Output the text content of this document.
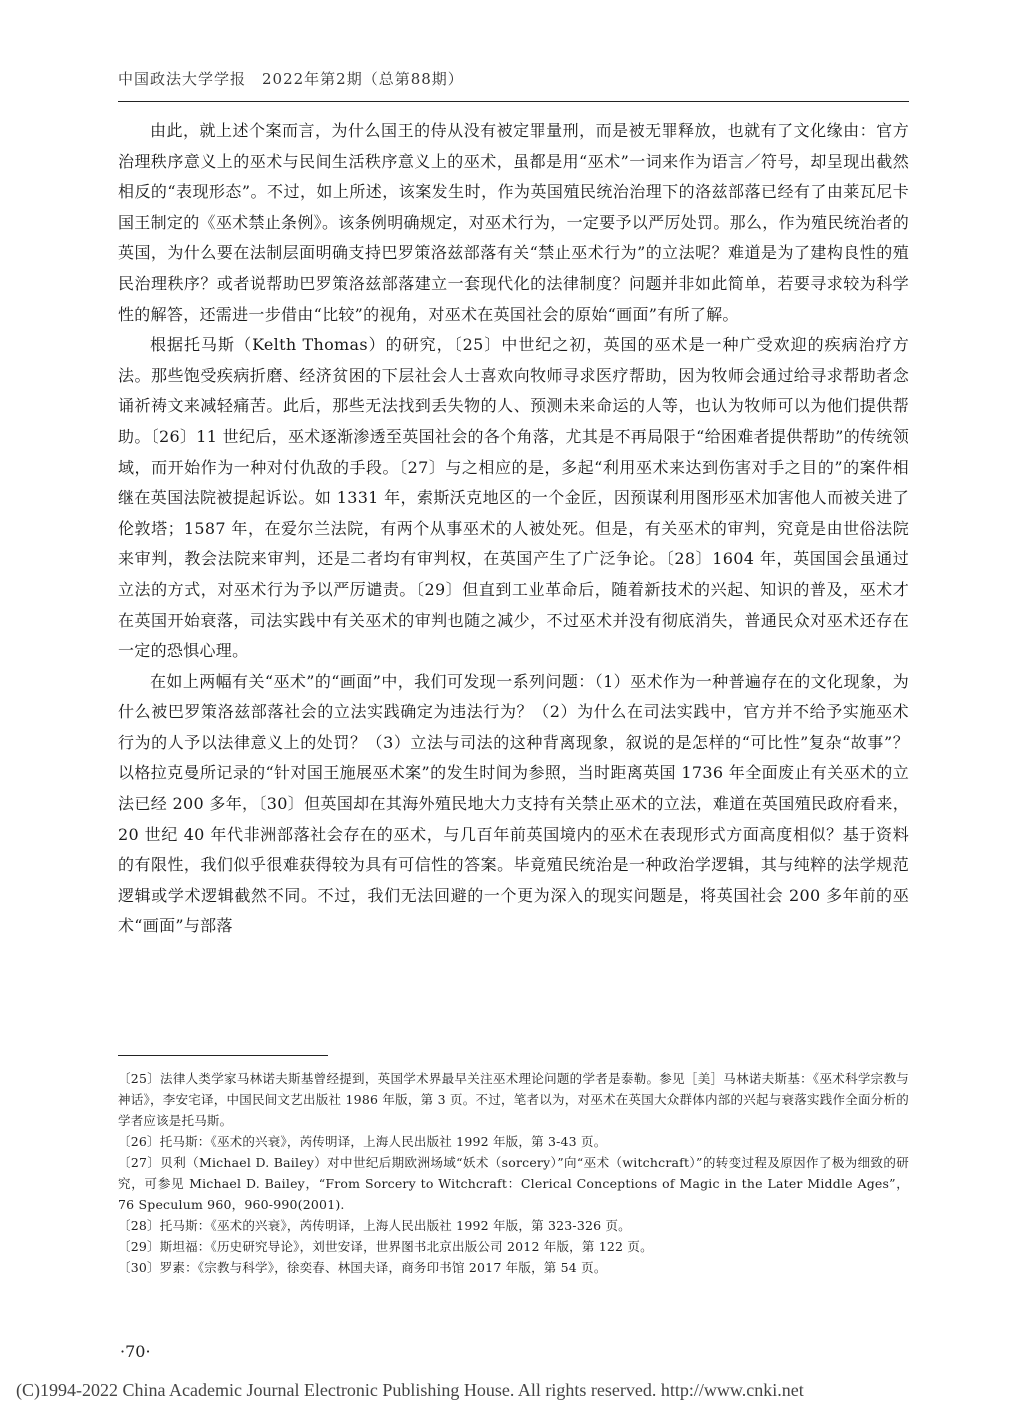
中国政法大学学报　2022年第2期（总第88期）

由此，就上述个案而言，为什么国王的侍从没有被定罪量刑，而是被无罪释放，也就有了文化缘由：官方治理秩序意义上的巫术与民间生活秩序意义上的巫术，虽都是用“巫术”一词来作为语言／符号，却呈现出截然相反的“表现形态”。不过，如上所述，该案发生时，作为英国殖民统治治理下的洛兹部落已经有了由莱瓦尼卡国王制定的《巫术禁止条例》。该条例明确规定，对巫术行为，一定要予以严厉处罚。那么，作为殖民统治者的英国，为什么要在法制层面明确支持巴罗策洛兹部落有关“禁止巫术行为”的立法呢？难道是为了建构良性的殖民治理秩序？或者说帮助巴罗策洛兹部落建立一套现代化的法律制度？问题并非如此简单，若要寻求较为科学性的解答，还需进一步借由“比较”的视角，对巫术在英国社会的原始“画面”有所了解。

根据托马斯（Kelth Thomas）的研究，〔25〕中世纪之初，英国的巫术是一种广受欢迎的疾病治疗方法。那些饱受疾病折磨、经济贫困的下层社会人士喜欢向牧师寻求医疗帮助，因为牧师会通过给寻求帮助者念诵祈祷文来减轻痛苦。此后，那些无法找到丢失物的人、预测未来命运的人等，也认为牧师可以为他们提供帮助。〔26〕11 世纪后，巫术逐渐渗透至英国社会的各个角落，尤其是不再局限于“给困难者提供帮助”的传统领域，而开始作为一种对付仇敌的手段。〔27〕与之相应的是，多起“利用巫术来达到伤害对手之目的”的案件相继在英国法院被提起诉讼。如 1331 年，索斯沃克地区的一个金匠，因预谋利用图形巫术加害他人而被关进了伦敦塔；1587 年，在爱尔兰法院，有两个从事巫术的人被处死。但是，有关巫术的审判，究竟是由世俗法院来审判，教会法院来审判，还是二者均有审判权，在英国产生了广泛争论。〔28〕1604 年，英国国会虽通过立法的方式，对巫术行为予以严厉谴责。〔29〕但直到工业革命后，随着新技术的兴起、知识的普及，巫术才在英国开始衰落，司法实践中有关巫术的审判也随之减少，不过巫术并没有彻底消失，普通民众对巫术还存在一定的恐惧心理。

在如上两幅有关“巫术”的“画面”中，我们可发现一系列问题：（1）巫术作为一种普遍存在的文化现象，为什么被巴罗策洛兹部落社会的立法实践确定为违法行为？（2）为什么在司法实践中，官方并不给予实施巫术行为的人予以法律意义上的处罚？（3）立法与司法的这种背离现象，叙说的是怎样的“可比性”复杂“故事”？以格拉克曼所记录的“针对国王施展巫术案”的发生时间为参照，当时距离英国 1736 年全面废止有关巫术的立法已经 200 多年，〔30〕但英国却在其海外殖民地大力支持有关禁止巫术的立法，难道在英国殖民政府看来，20 世纪 40 年代非洲部落社会存在的巫术，与几百年前英国境内的巫术在表现形式方面高度相似？基于资料的有限性，我们似乎很难获得较为具有可信性的答案。毕竟殖民统治是一种政治学逻辑，其与纯粹的法学规范逻辑或学术逻辑截然不同。不过，我们无法回避的一个更为深入的现实问题是，将英国社会 200 多年前的巫术“画面”与部落

〔25〕法律人类学家马林诺夫斯基曾经提到，英国学术界最早关注巫术理论问题的学者是泰勒。参见［美］马林诺夫斯基：《巫术科学宗教与神话》，李安宅译，中国民间文艺出版社 1986 年版，第 3 页。不过，笔者以为，对巫术在英国大众群体内部的兴起与衰落实践作全面分析的学者应该是托马斯。

〔26〕托马斯：《巫术的兴衰》，芮传明译，上海人民出版社 1992 年版，第 3-43 页。

〔27〕贝利（Michael D. Bailey）对中世纪后期欧洲场域“妖术（sorcery）”向“巫术（witchcraft）”的转变过程及原因作了极为细致的研究，可参见 Michael D. Bailey，“From Sorcery to Witchcraft：Clerical Conceptions of Magic in the Later Middle Ages”，76 Speculum 960，960-990(2001).

〔28〕托马斯：《巫术的兴衰》，芮传明译，上海人民出版社 1992 年版，第 323-326 页。

〔29〕斯坦福：《历史研究导论》，刘世安译，世界图书北京出版公司 2012 年版，第 122 页。

〔30〕罗素：《宗教与科学》，徐奕春、林国夫译，商务印书馆 2017 年版，第 54 页。

·70·
(C)1994-2022 China Academic Journal Electronic Publishing House. All rights reserved. http://www.cnki.net
